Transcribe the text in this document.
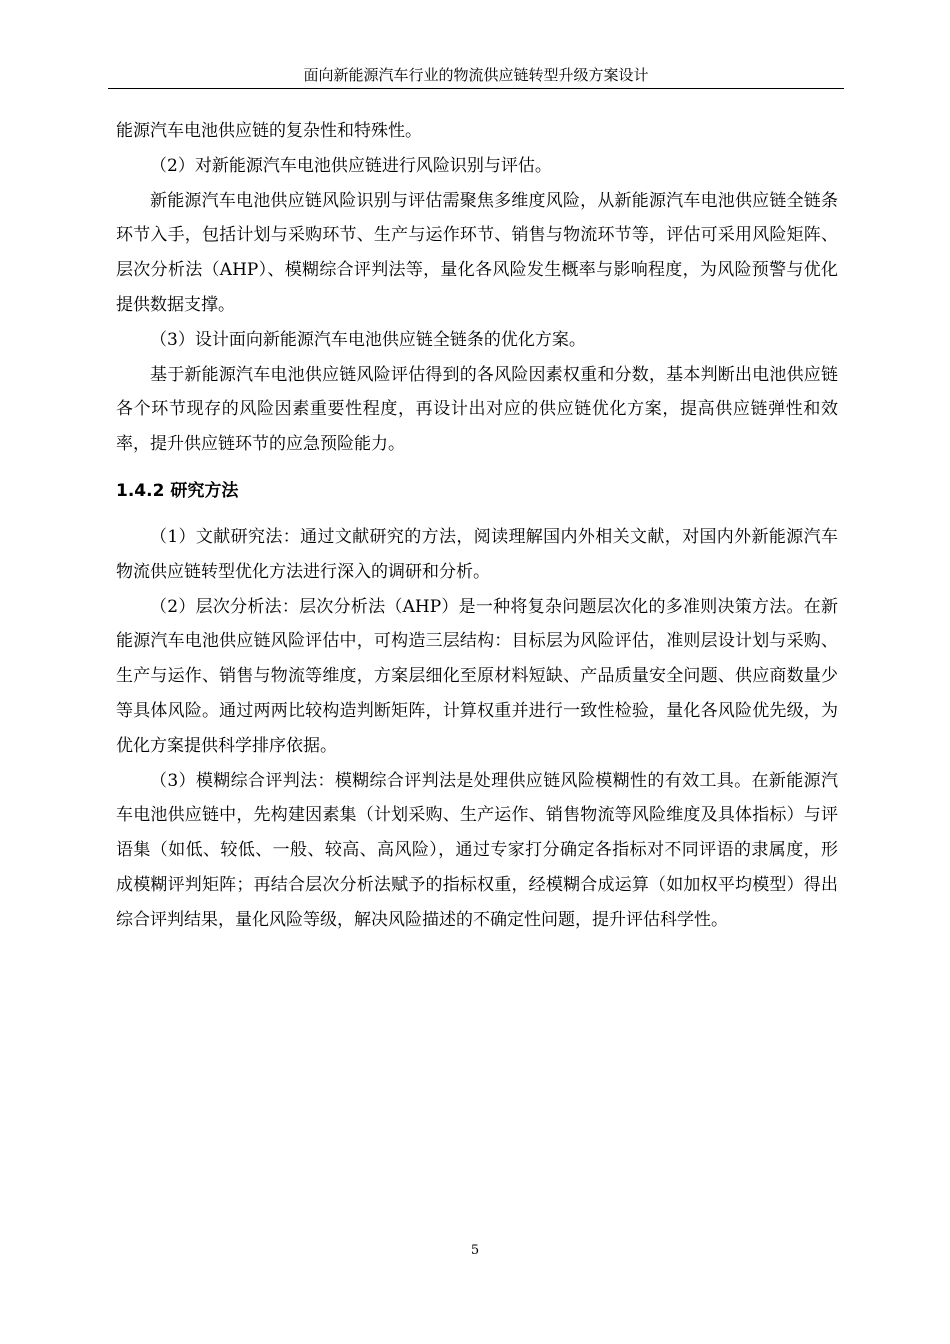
面向新能源汽车行业的物流供应链转型升级方案设计

能源汽车电池供应链的复杂性和特殊性。

（2）对新能源汽车电池供应链进行风险识别与评估。

新能源汽车电池供应链风险识别与评估需聚焦多维度风险，从新能源汽车电池供应链全链条环节入手，包括计划与采购环节、生产与运作环节、销售与物流环节等，评估可采用风险矩阵、层次分析法（AHP）、模糊综合评判法等，量化各风险发生概率与影响程度，为风险预警与优化提供数据支撑。

（3）设计面向新能源汽车电池供应链全链条的优化方案。

基于新能源汽车电池供应链风险评估得到的各风险因素权重和分数，基本判断出电池供应链各个环节现存的风险因素重要性程度，再设计出对应的供应链优化方案，提高供应链弹性和效率，提升供应链环节的应急预险能力。

1.4.2 研究方法

（1）文献研究法：通过文献研究的方法，阅读理解国内外相关文献，对国内外新能源汽车物流供应链转型优化方法进行深入的调研和分析。

（2）层次分析法：层次分析法（AHP）是一种将复杂问题层次化的多准则决策方法。在新能源汽车电池供应链风险评估中，可构造三层结构：目标层为风险评估，准则层设计划与采购、生产与运作、销售与物流等维度，方案层细化至原材料短缺、产品质量安全问题、供应商数量少等具体风险。通过两两比较构造判断矩阵，计算权重并进行一致性检验，量化各风险优先级，为优化方案提供科学排序依据。

（3）模糊综合评判法：模糊综合评判法是处理供应链风险模糊性的有效工具。在新能源汽车电池供应链中，先构建因素集（计划采购、生产运作、销售物流等风险维度及具体指标）与评语集（如低、较低、一般、较高、高风险），通过专家打分确定各指标对不同评语的隶属度，形成模糊评判矩阵；再结合层次分析法赋予的指标权重，经模糊合成运算（如加权平均模型）得出综合评判结果，量化风险等级，解决风险描述的不确定性问题，提升评估科学性。

5
